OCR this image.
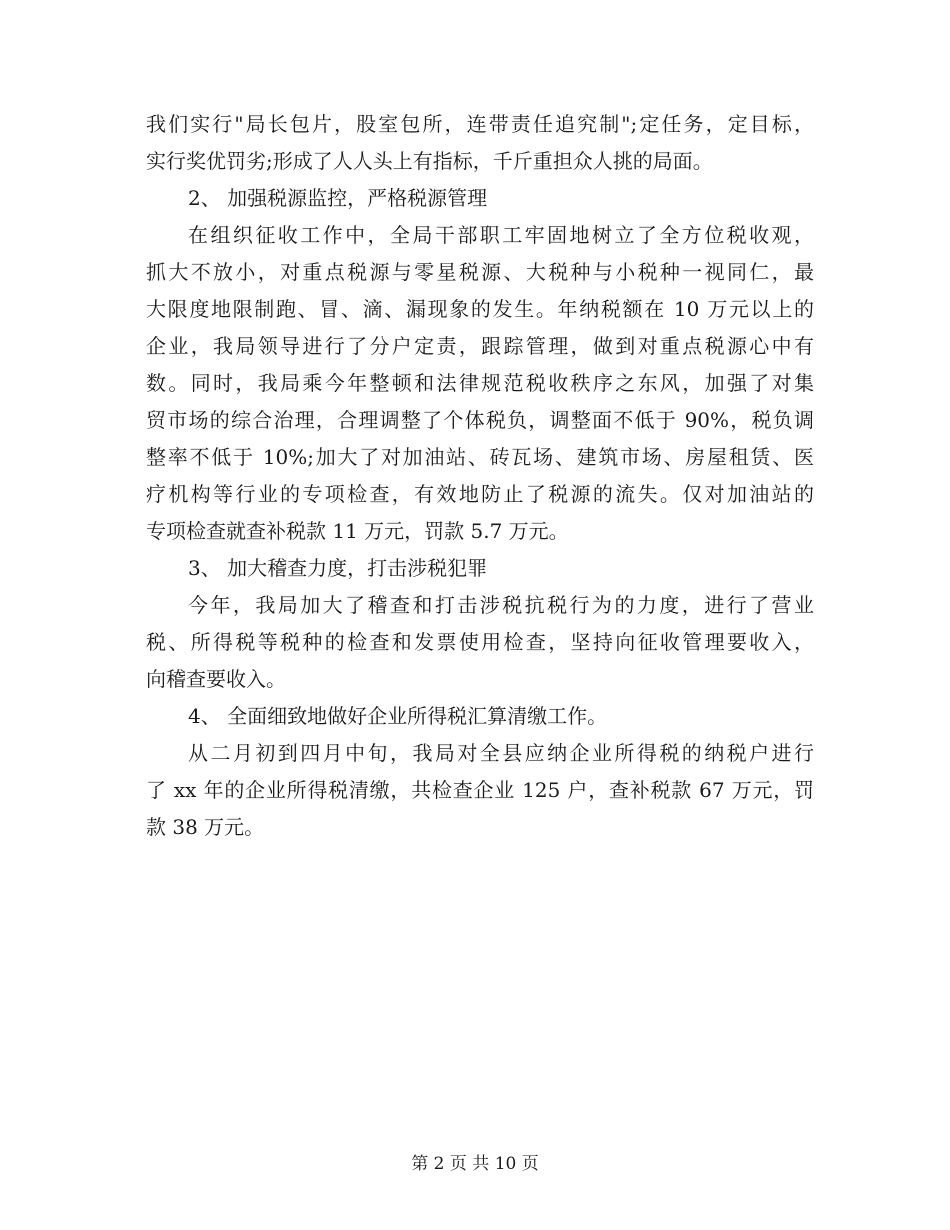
我们实行"局长包片，股室包所，连带责任追究制";定任务，定目标，
实行奖优罚劣;形成了人人头上有指标，千斤重担众人挑的局面。
2、 加强税源监控，严格税源管理
在组织征收工作中，全局干部职工牢固地树立了全方位税收观，
抓大不放小，对重点税源与零星税源、大税种与小税种一视同仁，最
大限度地限制跑、冒、滴、漏现象的发生。年纳税额在 10 万元以上的
企业，我局领导进行了分户定责，跟踪管理，做到对重点税源心中有
数。同时，我局乘今年整顿和法律规范税收秩序之东风，加强了对集
贸市场的综合治理，合理调整了个体税负，调整面不低于 90%，税负调
整率不低于 10%;加大了对加油站、砖瓦场、建筑市场、房屋租赁、医
疗机构等行业的专项检查，有效地防止了税源的流失。仅对加油站的
专项检查就查补税款 11 万元，罚款 5.7 万元。
3、 加大稽查力度，打击涉税犯罪
今年，我局加大了稽查和打击涉税抗税行为的力度，进行了营业
税、所得税等税种的检查和发票使用检查，坚持向征收管理要收入，
向稽查要收入。
4、 全面细致地做好企业所得税汇算清缴工作。
从二月初到四月中旬，我局对全县应纳企业所得税的纳税户进行
了 xx 年的企业所得税清缴，共检查企业 125 户，查补税款 67 万元，罚
款 38 万元。
第 2 页 共 10 页
